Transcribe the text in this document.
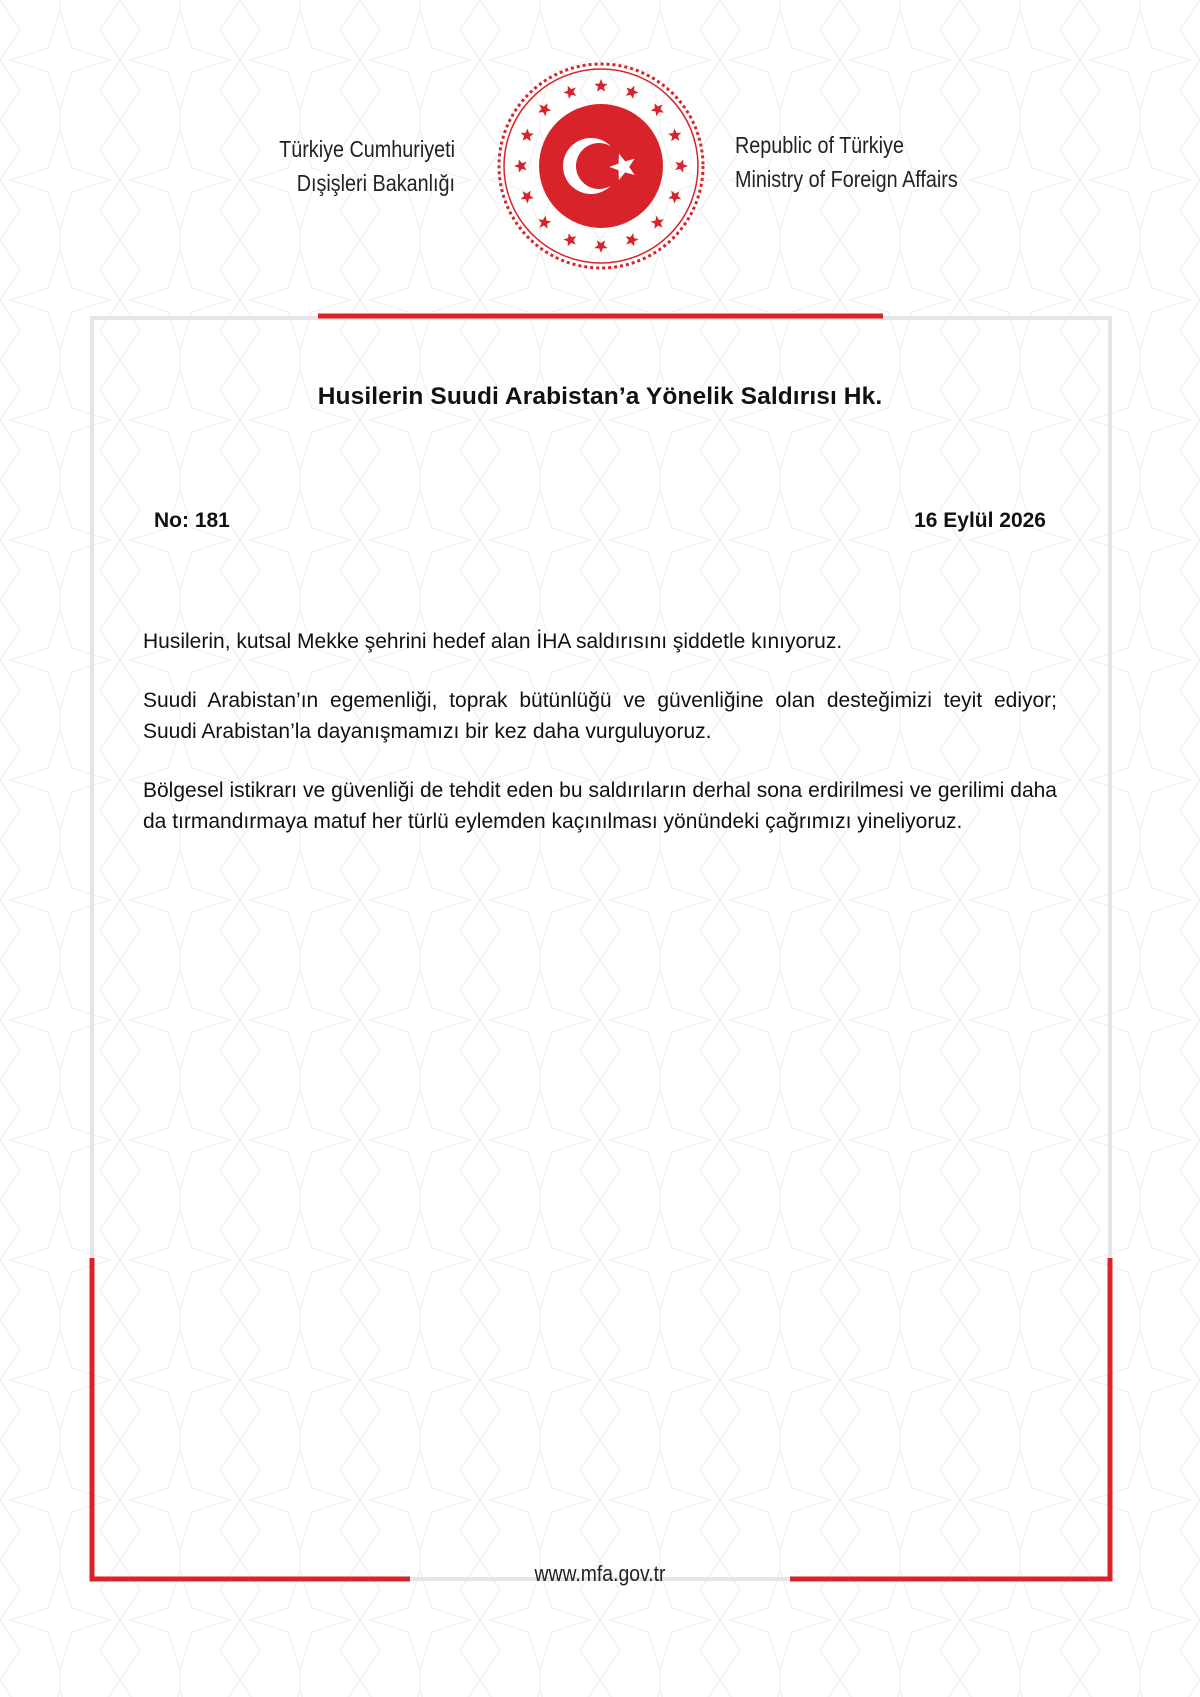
Türkiye Cumhuriyeti
Dışişleri Bakanlığı
Republic of Türkiye
Ministry of Foreign Affairs
Husilerin Suudi Arabistan’a Yönelik Saldırısı Hk.
No: 181	16 Eylül 2026

Husilerin, kutsal Mekke şehrini hedef alan İHA saldırısını şiddetle kınıyoruz.

Suudi Arabistan’ın egemenliği, toprak bütünlüğü ve güvenliğine olan desteğimizi teyit ediyor; Suudi Arabistan’la dayanışmamızı bir kez daha vurguluyoruz.

Bölgesel istikrarı ve güvenliği de tehdit eden bu saldırıların derhal sona erdirilmesi ve gerilimi daha da tırmandırmaya matuf her türlü eylemden kaçınılması yönündeki çağrımızı yineliyoruz.

www.mfa.gov.tr
